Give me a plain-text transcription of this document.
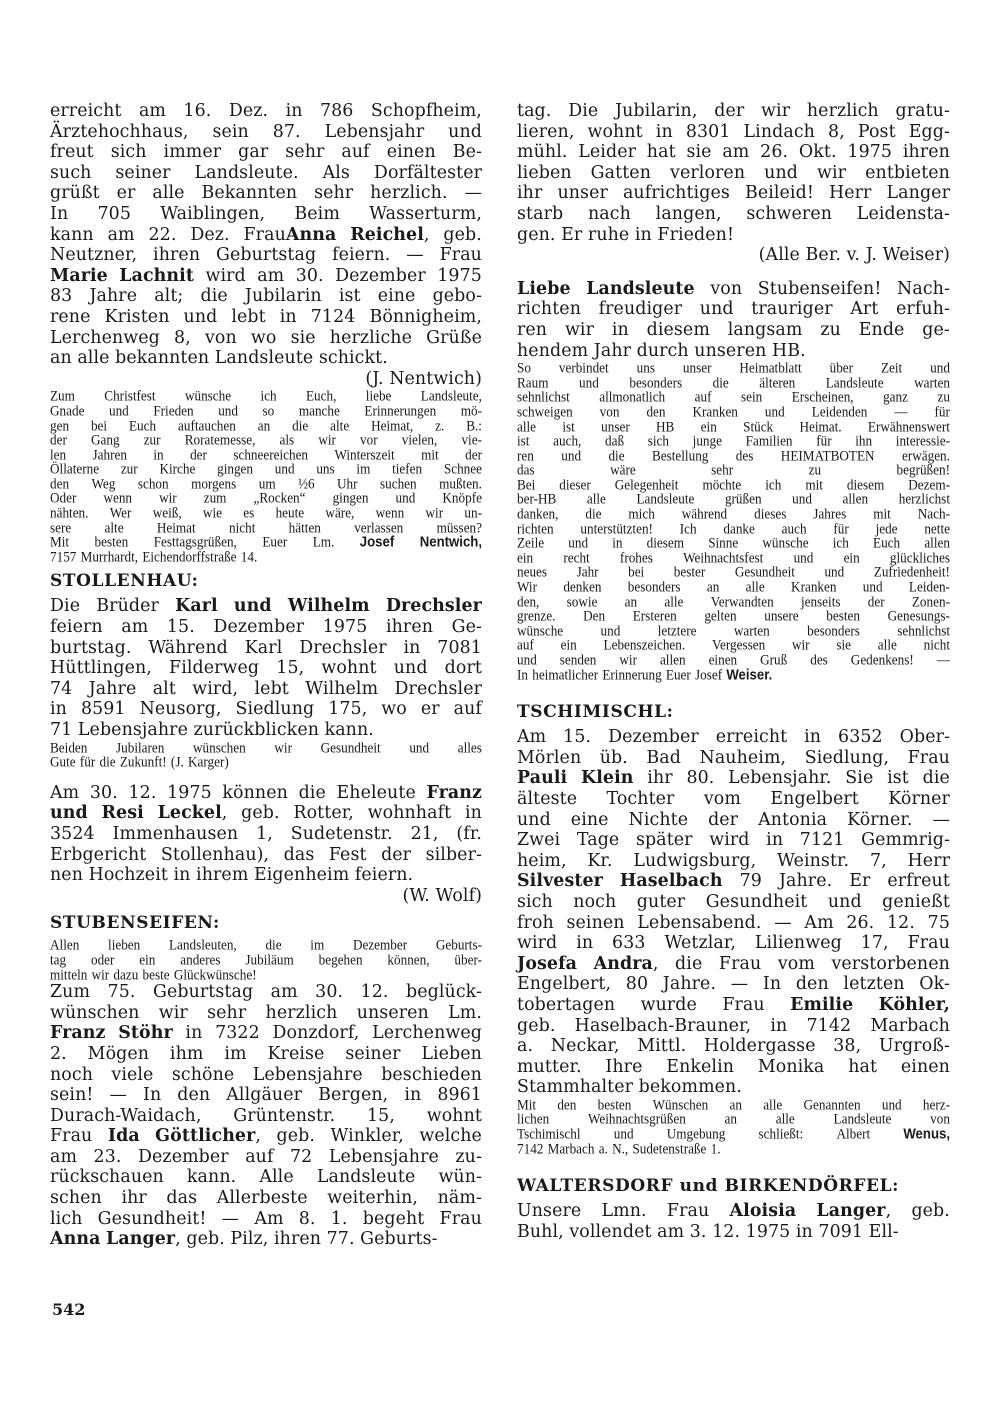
erreicht am 16. Dez. in 786 Schopfheim,
Ärztehochhaus, sein 87. Lebensjahr und
freut sich immer gar sehr auf einen Be-
such seiner Landsleute. Als Dorfältester
grüßt er alle Bekannten sehr herzlich. —
In 705 Waiblingen, Beim Wasserturm,
kann am 22. Dez. FrauAnna Reichel, geb.
Neutzner, ihren Geburtstag feiern. — Frau
Marie Lachnit wird am 30. Dezember 1975
83 Jahre alt; die Jubilarin ist eine gebo-
rene Kristen und lebt in 7124 Bönnigheim,
Lerchenweg 8, von wo sie herzliche Grüße
an alle bekannten Landsleute schickt.
(J. Nentwich)
Zum Christfest wünsche ich Euch, liebe Landsleute,
Gnade und Frieden und so manche Erinnerungen mö-
gen bei Euch auftauchen an die alte Heimat, z. B.:
der Gang zur Roratemesse, als wir vor vielen, vie-
len Jahren in der schneereichen Winterszeit mit der
Öllaterne zur Kirche gingen und uns im tiefen Schnee
den Weg schon morgens um ½6 Uhr suchen mußten.
Oder wenn wir zum „Rocken“ gingen und Knöpfe
nähten. Wer weiß, wie es heute wäre, wenn wir un-
sere	alte	Heimat	nicht	hätten	verlassen	müssen?
Mit besten Festtagsgrüßen, Euer Lm. Josef Nentwich,
7157 Murrhardt, Eichendorffstraße 14.
STOLLENHAU:
Die Brüder Karl und Wilhelm Drechsler
feiern am 15. Dezember 1975 ihren Ge-
burtstag. Während Karl Drechsler in 7081
Hüttlingen, Filderweg 15, wohnt und dort
74 Jahre alt wird, lebt Wilhelm Drechsler
in 8591 Neusorg, Siedlung 175, wo er auf
71 Lebensjahre zurückblicken kann.
Beiden Jubilaren wünschen wir Gesundheit und alles
Gute für die Zukunft! (J. Karger)
Am 30. 12. 1975 können die Eheleute Franz
und Resi Leckel, geb. Rotter, wohnhaft in
3524 Immenhausen 1, Sudetenstr. 21, (fr.
Erbgericht Stollenhau), das Fest der silber-
nen Hochzeit in ihrem Eigenheim feiern.
(W. Wolf)
STUBENSEIFEN:
Allen lieben Landsleuten, die im Dezember Geburts-
tag oder ein anderes Jubiläum begehen können, über-
mitteln wir dazu beste Glückwünsche!
Zum 75. Geburtstag am 30. 12. beglück-
wünschen wir sehr herzlich unseren Lm.
Franz Stöhr in 7322 Donzdorf, Lerchenweg
2. Mögen ihm im Kreise seiner Lieben
noch viele schöne Lebensjahre beschieden
sein! — In den Allgäuer Bergen, in 8961
Durach-Waidach, Grüntenstr. 15, wohnt
Frau Ida Göttlicher, geb. Winkler, welche
am 23. Dezember auf 72 Lebensjahre zu-
rückschauen kann. Alle Landsleute wün-
schen ihr das Allerbeste weiterhin, näm-
lich Gesundheit! — Am 8. 1. begeht Frau
Anna Langer, geb. Pilz, ihren 77. Geburts-
tag. Die Jubilarin, der wir herzlich gratu-
lieren, wohnt in 8301 Lindach 8, Post Egg-
mühl. Leider hat sie am 26. Okt. 1975 ihren
lieben Gatten verloren und wir entbieten
ihr unser aufrichtiges Beileid! Herr Langer
starb nach langen, schweren Leidensta-
gen. Er ruhe in Frieden!
(Alle Ber. v. J. Weiser)
Liebe Landsleute von Stubenseifen! Nach-
richten freudiger und trauriger Art erfuh-
ren wir in diesem langsam zu Ende ge-
hendem Jahr durch unseren HB.
So verbindet uns unser Heimatblatt über Zeit und
Raum und besonders die älteren Landsleute warten
sehnlichst allmonatlich auf sein Erscheinen, ganz zu
schweigen von den Kranken und Leidenden — für
alle ist unser HB ein Stück Heimat. Erwähnenswert
ist auch, daß sich junge Familien für ihn interessie-
ren und die Bestellung des HEIMATBOTEN erwägen.
das	wäre	sehr	zu	begrüßen!
Bei dieser Gelegenheit möchte ich mit diesem Dezem-
ber-HB alle Landsleute grüßen und allen herzlichst
danken, die mich während dieses Jahres mit Nach-
richten unterstützten! Ich danke auch für jede nette
Zeile und in diesem Sinne wünsche ich Euch allen
ein recht frohes Weihnachtsfest und ein glückliches
neues Jahr bei bester Gesundheit und Zufriedenheit!
Wir denken besonders an alle Kranken und Leiden-
den, sowie an alle Verwandten jenseits der Zonen-
grenze. Den Ersteren gelten unsere besten Genesungs-
wünsche	und	letztere	warten	besonders	sehnlichst
auf ein Lebenszeichen. Vergessen wir sie alle nicht
und senden wir allen einen Gruß des Gedenkens! —
In heimatlicher Erinnerung Euer Josef Weiser.
TSCHIMISCHL:
Am 15. Dezember erreicht in 6352 Ober-
Mörlen üb. Bad Nauheim, Siedlung, Frau
Pauli Klein ihr 80. Lebensjahr. Sie ist die
älteste Tochter vom Engelbert Körner
und eine Nichte der Antonia Körner. —
Zwei Tage später wird in 7121 Gemmrig-
heim, Kr. Ludwigsburg, Weinstr. 7, Herr
Silvester Haselbach 79 Jahre. Er erfreut
sich noch guter Gesundheit und genießt
froh seinen Lebensabend. — Am 26. 12. 75
wird in 633 Wetzlar, Lilienweg 17, Frau
Josefa Andra, die Frau vom verstorbenen
Engelbert, 80 Jahre. — In den letzten Ok-
tobertagen wurde Frau Emilie Köhler,
geb. Haselbach-Brauner, in 7142 Marbach
a. Neckar, Mittl. Holdergasse 38, Urgroß-
mutter. Ihre Enkelin Monika hat einen
Stammhalter bekommen.
Mit den besten Wünschen an alle Genannten und herz-
lichen	Weihnachtsgrüßen	an	alle	Landsleute	von
Tschimischl	und	Umgebung	schließt:	Albert	Wenus,
7142 Marbach a. N., Sudetenstraße 1.
WALTERSDORF und BIRKENDÖRFEL:
Unsere Lmn. Frau Aloisia Langer, geb.
Buhl, vollendet am 3. 12. 1975 in 7091 Ell-
542
